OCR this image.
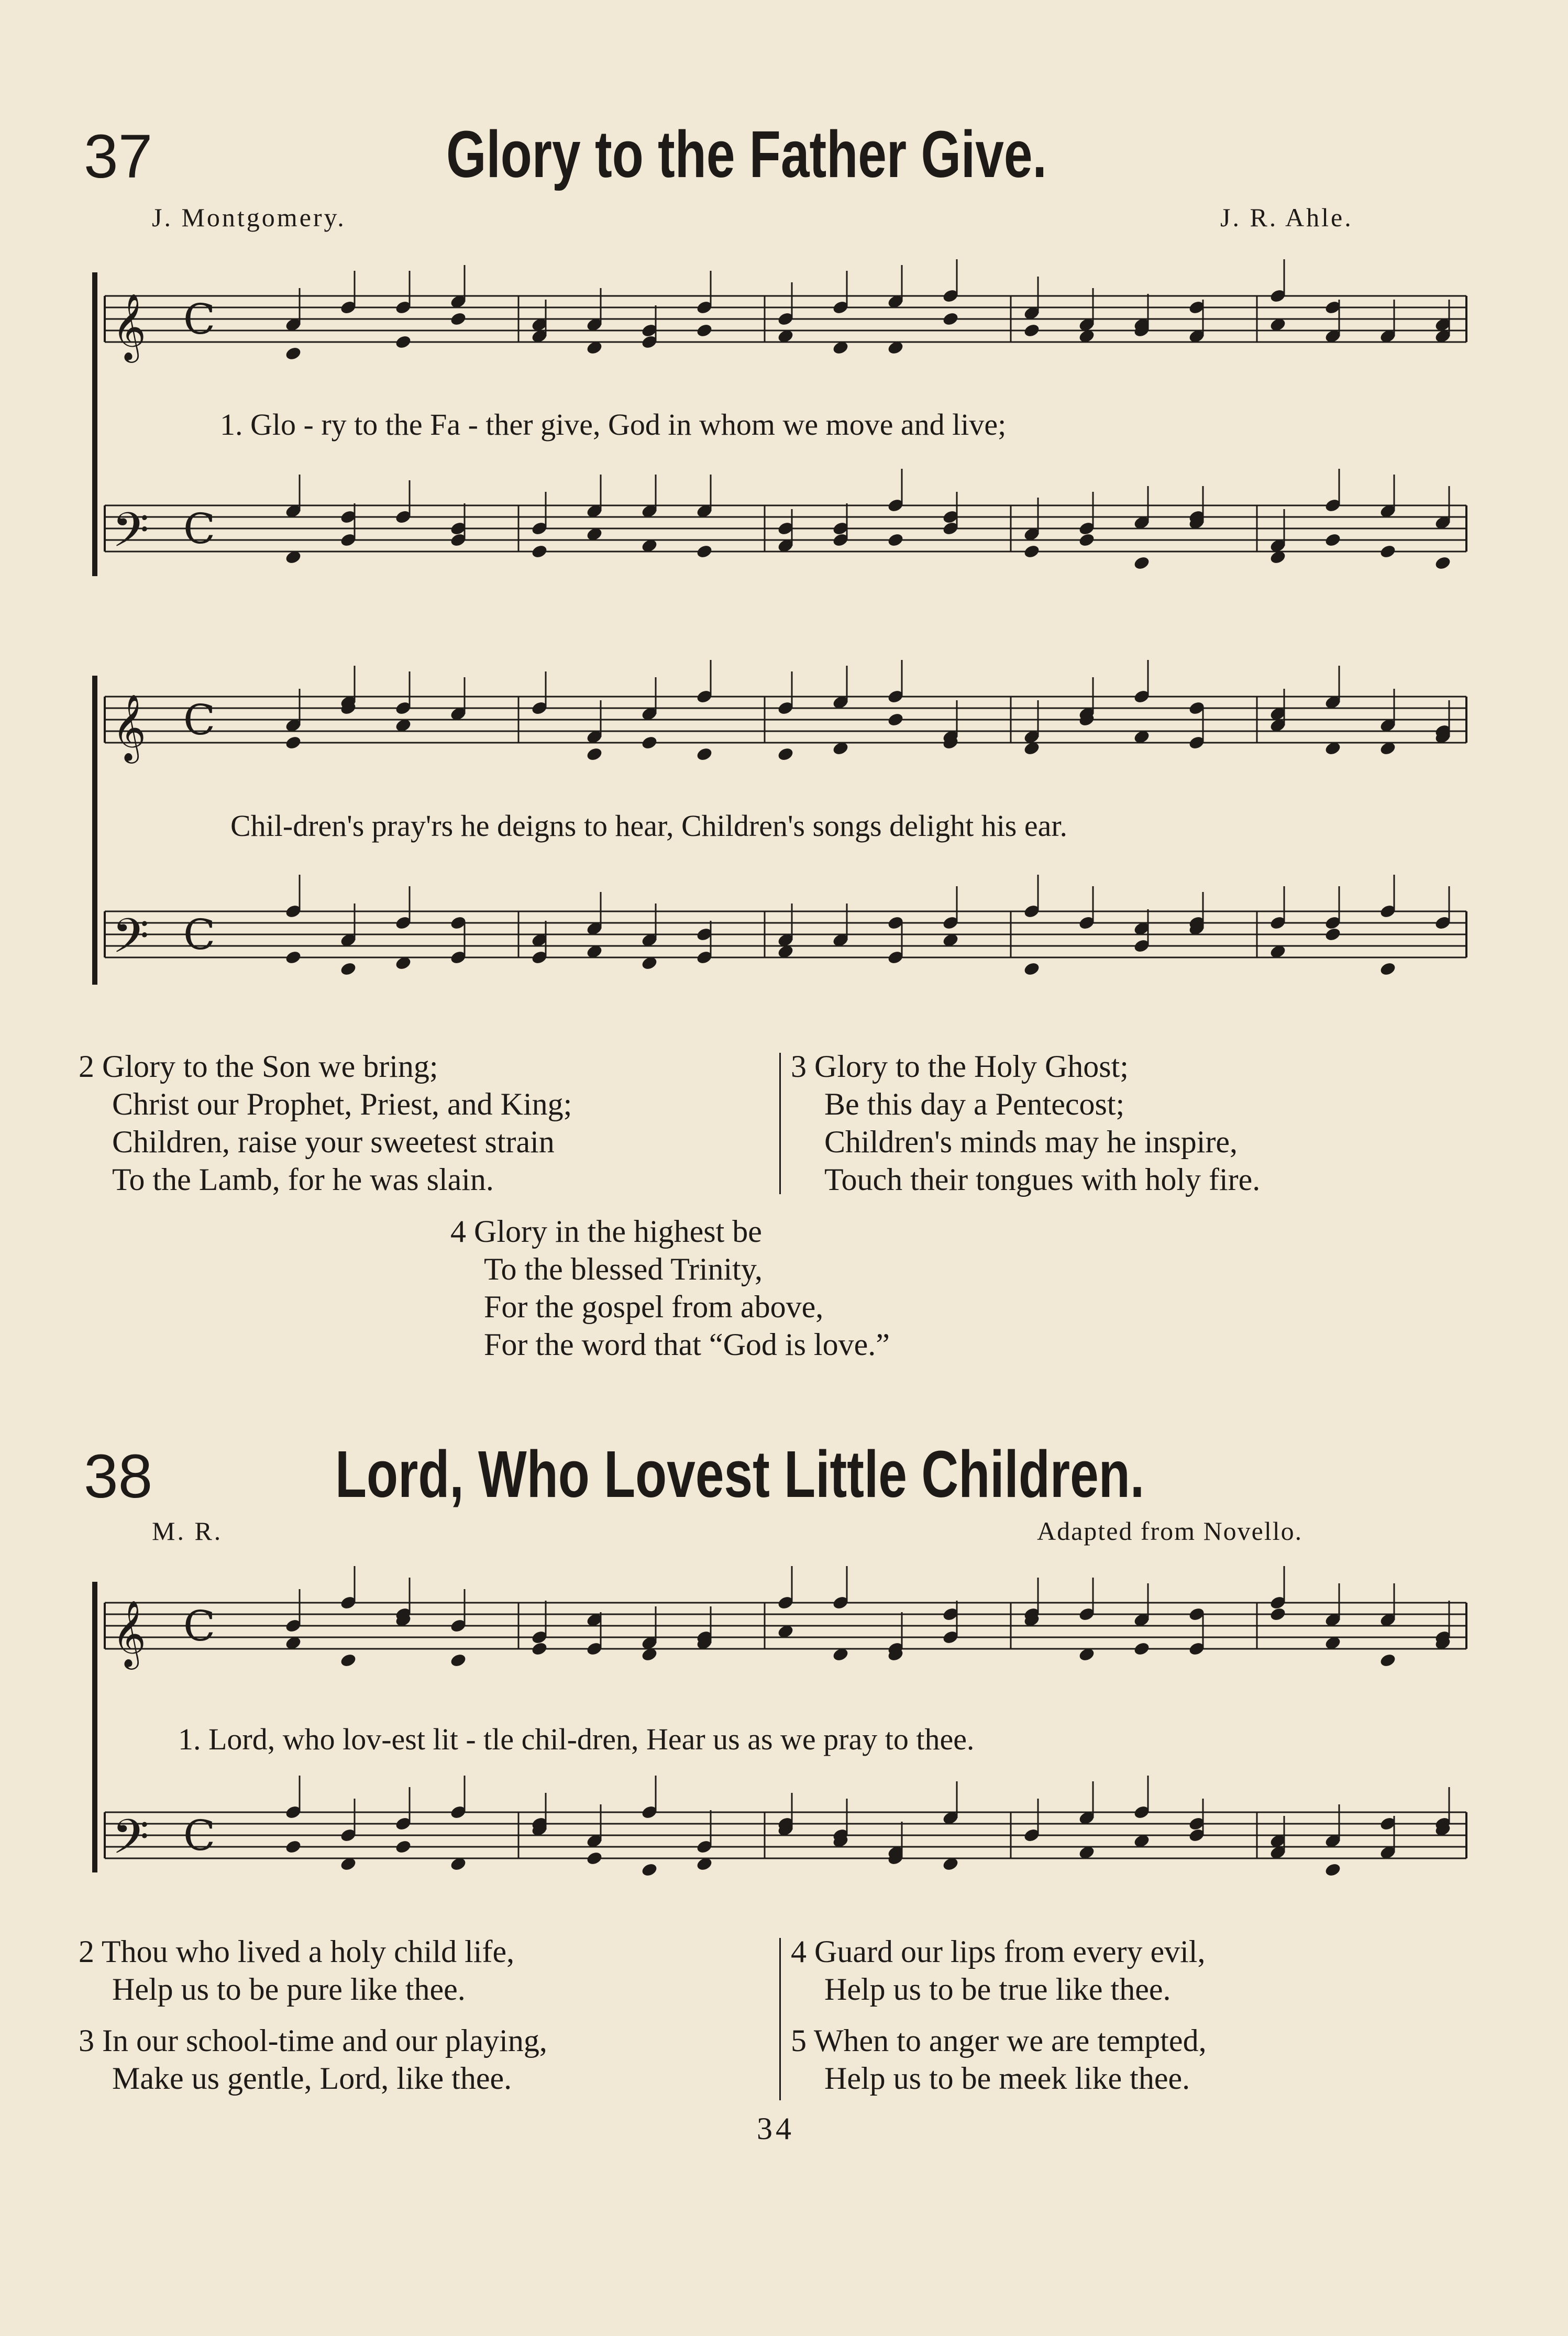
37	Glory to the Father Give.
J. Montgomery.	J. R. Ahle.
𝄞 C
1. Glo - ry to the Fa - ther give, God in whom we move and live;
𝄢 C
𝄞 C
Chil-dren's pray'rs he deigns to hear, Children's songs delight his ear.
𝄢 C
2 Glory to the Son we bring;
Christ our Prophet, Priest, and King;
Children, raise your sweetest strain
To the Lamb, for he was slain.
3 Glory to the Holy Ghost;
Be this day a Pentecost;
Children's minds may he inspire,
Touch their tongues with holy fire.
4 Glory in the highest be
To the blessed Trinity,
For the gospel from above,
For the word that “God is love.”
38	Lord, Who Lovest Little Children.
M. R.	Adapted from Novello.
𝄞 C
1. Lord, who lov-est lit - tle chil-dren, Hear us as we pray to thee.
𝄢 C
2 Thou who lived a holy child life,
Help us to be pure like thee.
3 In our school-time and our playing,
Make us gentle, Lord, like thee.
4 Guard our lips from every evil,
Help us to be true like thee.
5 When to anger we are tempted,
Help us to be meek like thee.
34
